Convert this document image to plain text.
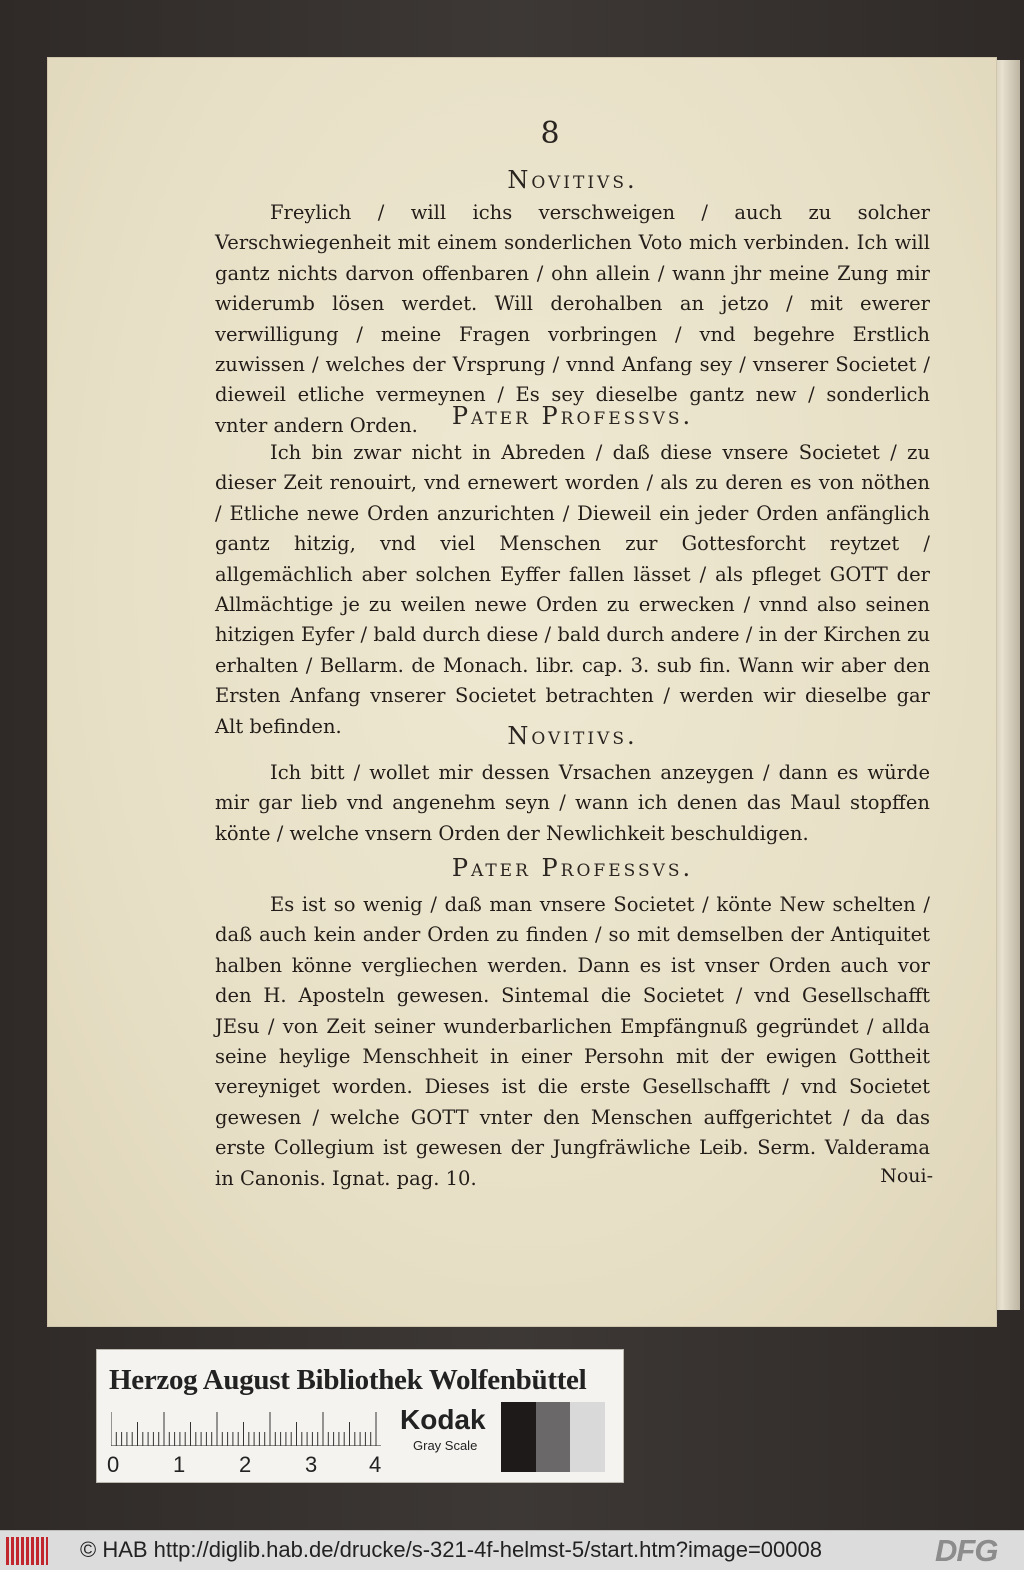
8
Novitivs.
Freylich / will ichs verschweigen / auch zu solcher Verschwiegenheit mit einem sonderlichen Voto mich verbinden. Ich will gantz nichts darvon offenbaren / ohn allein / wann jhr meine Zung mir widerumb lösen werdet. Will derohalben an jetzo / mit ewerer verwilligung / meine Fragen vorbringen / vnd begehre Erstlich zuwissen / welches der Vrsprung / vnnd Anfang sey / vnserer Societet / dieweil etliche vermeynen / Es sey dieselbe gantz new / sonderlich vnter andern Orden.	Pater Professvs.
Ich bin zwar nicht in Abreden / daß diese vnsere Societet / zu dieser Zeit renouirt, vnd ernewert worden / als zu deren es von nöthen / Etliche newe Orden anzurichten / Dieweil ein jeder Orden anfänglich gantz hitzig, vnd viel Menschen zur Gottesforcht reytzet / allgemächlich aber solchen Eyffer fallen lässet / als pfleget GOTT der Allmächtige je zu weilen newe Orden zu erwecken / vnnd also seinen hitzigen Eyfer / bald durch diese / bald durch andere / in der Kirchen zu erhalten / Bellarm. de Monach. libr. cap. 3. sub fin. Wann wir aber den Ersten Anfang vnserer Societet betrachten / werden wir dieselbe gar Alt befinden.	Novitivs.
Ich bitt / wollet mir dessen Vrsachen anzeygen / dann es würde mir gar lieb vnd angenehm seyn / wann ich denen das Maul stopffen könte / welche vnsern Orden der Newlichkeit beschuldigen.
Pater Professvs.
Es ist so wenig / daß man vnsere Societet / könte New schelten / daß auch kein ander Orden zu finden / so mit demselben der Antiquitet halben könne vergliechen werden. Dann es ist vnser Orden auch vor den H. Aposteln gewesen. Sintemal die Societet / vnd Gesellschafft JEsu / von Zeit seiner wunderbarlichen Empfängnuß gegründet / allda seine heylige Menschheit in einer Persohn mit der ewigen Gottheit vereyniget worden. Dieses ist die erste Gesellschafft / vnd Societet gewesen / welche GOTT vnter den Menschen auffgerichtet / da das erste Collegium ist gewesen der Jungfräwliche Leib. Serm. Valderama in Canonis. Ignat. pag. 10.	Noui-
Herzog August Bibliothek Wolfenbüttel
0 1 2 3 4
Kodak
Gray Scale
© HAB http://diglib.hab.de/drucke/s-321-4f-helmst-5/start.htm?image=00008	DFG
